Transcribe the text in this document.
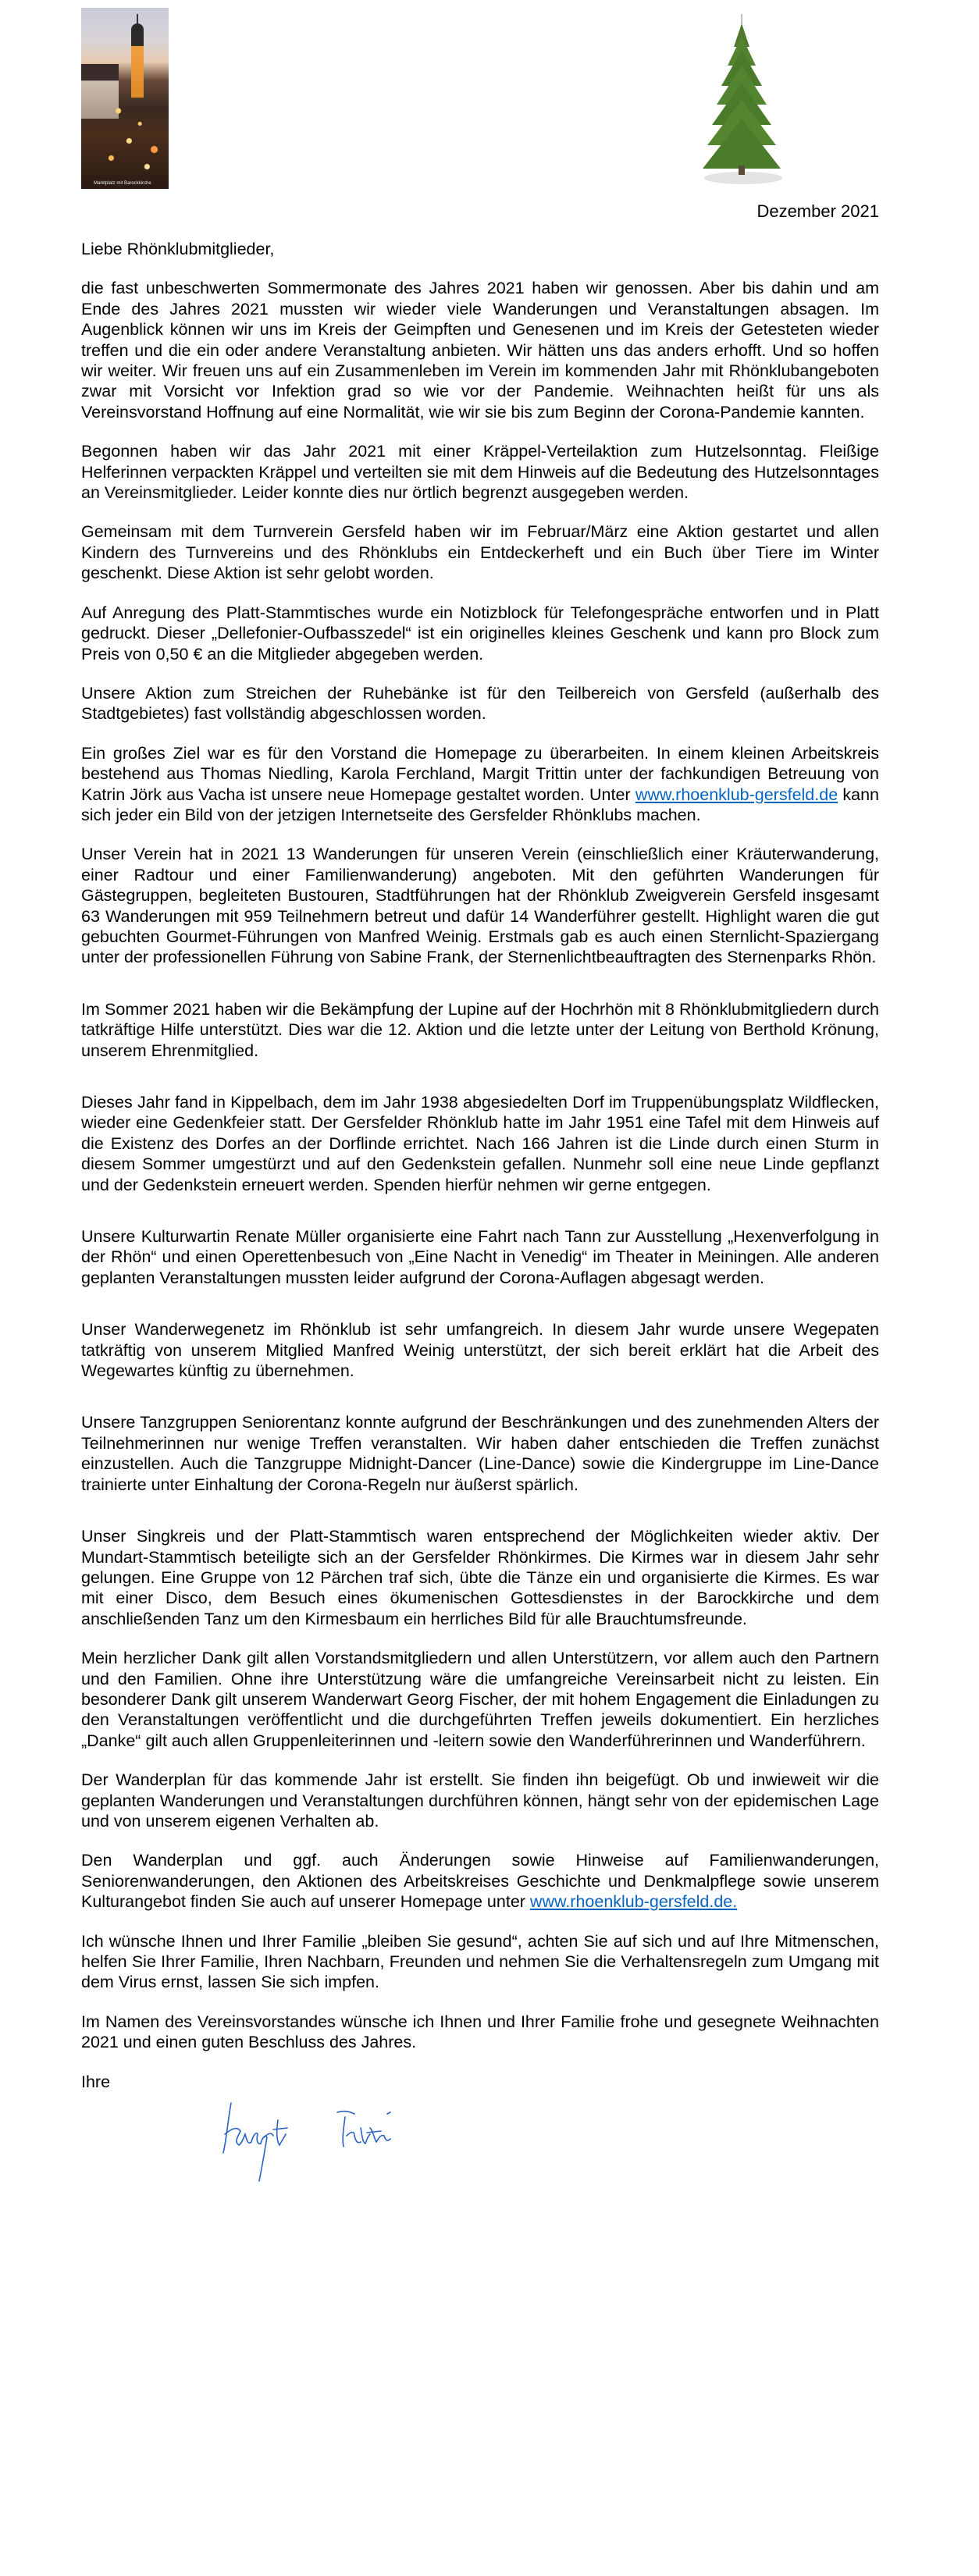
Marktplatz mit Barockkirche
Dezember 2021

Liebe Rhönklubmitglieder,

die fast unbeschwerten Sommermonate des Jahres 2021 haben wir genossen. Aber bis dahin und am Ende des Jahres 2021 mussten wir wieder viele Wanderungen und Veranstaltungen absagen. Im Augenblick können wir uns im Kreis der Geimpften und Genesenen und im Kreis der Getesteten wieder treffen und die ein oder andere Veranstaltung anbieten. Wir hätten uns das anders erhofft. Und so hoffen wir weiter. Wir freuen uns auf ein Zusammenleben im Verein im kommenden Jahr mit Rhönklubangeboten zwar mit Vorsicht vor Infektion grad so wie vor der Pandemie. Weihnachten heißt für uns als Vereinsvorstand Hoffnung auf eine Normalität, wie wir sie bis zum Beginn der Corona-Pandemie kannten.

Begonnen haben wir das Jahr 2021 mit einer Kräppel-Verteilaktion zum Hutzelsonntag. Fleißige Helferinnen verpackten Kräppel und verteilten sie mit dem Hinweis auf die Bedeutung des Hutzelsonntages an Vereinsmitglieder. Leider konnte dies nur örtlich begrenzt ausgegeben werden.

Gemeinsam mit dem Turnverein Gersfeld haben wir im Februar/März eine Aktion gestartet und allen Kindern des Turnvereins und des Rhönklubs ein Entdeckerheft und ein Buch über Tiere im Winter geschenkt. Diese Aktion ist sehr gelobt worden.

Auf Anregung des Platt-Stammtisches wurde ein Notizblock für Telefongespräche entworfen und in Platt gedruckt. Dieser „Dellefonier-Oufbasszedel“ ist ein originelles kleines Geschenk und kann pro Block zum Preis von 0,50 € an die Mitglieder abgegeben werden.

Unsere Aktion zum Streichen der Ruhebänke ist für den Teilbereich von Gersfeld (außerhalb des Stadtgebietes) fast vollständig abgeschlossen worden.

Ein großes Ziel war es für den Vorstand die Homepage zu überarbeiten. In einem kleinen Arbeitskreis bestehend aus Thomas Niedling, Karola Ferchland, Margit Trittin unter der fachkundigen Betreuung von Katrin Jörk aus Vacha ist unsere neue Homepage gestaltet worden. Unter www.rhoenklub-gersfeld.de kann sich jeder ein Bild von der jetzigen Internetseite des Gersfelder Rhönklubs machen.

Unser Verein hat in 2021 13 Wanderungen für unseren Verein (einschließlich einer Kräuterwanderung, einer Radtour und einer Familienwanderung) angeboten. Mit den geführten Wanderungen für Gästegruppen, begleiteten Bustouren, Stadtführungen hat der Rhönklub Zweigverein Gersfeld insgesamt 63 Wanderungen mit 959 Teilnehmern betreut und dafür 14 Wanderführer gestellt. Highlight waren die gut gebuchten Gourmet-Führungen von Manfred Weinig. Erstmals gab es auch einen Sternlicht-Spaziergang unter der professionellen Führung von Sabine Frank, der Sternenlichtbeauftragten des Sternenparks Rhön.

Im Sommer 2021 haben wir die Bekämpfung der Lupine auf der Hochrhön mit 8 Rhönklubmitgliedern durch tatkräftige Hilfe unterstützt. Dies war die 12. Aktion und die letzte unter der Leitung von Berthold Krönung, unserem Ehrenmitglied.

Dieses Jahr fand in Kippelbach, dem im Jahr 1938 abgesiedelten Dorf im Truppenübungsplatz Wildflecken, wieder eine Gedenkfeier statt. Der Gersfelder Rhönklub hatte im Jahr 1951 eine Tafel mit dem Hinweis auf die Existenz des Dorfes an der Dorflinde errichtet. Nach 166 Jahren ist die Linde durch einen Sturm in diesem Sommer umgestürzt und auf den Gedenkstein gefallen. Nunmehr soll eine neue Linde gepflanzt und der Gedenkstein erneuert werden. Spenden hierfür nehmen wir gerne entgegen.

Unsere Kulturwartin Renate Müller organisierte eine Fahrt nach Tann zur Ausstellung „Hexenverfolgung in der Rhön“ und einen Operettenbesuch von „Eine Nacht in Venedig“ im Theater in Meiningen. Alle anderen geplanten Veranstaltungen mussten leider aufgrund der Corona-Auflagen abgesagt werden.

Unser Wanderwegenetz im Rhönklub ist sehr umfangreich. In diesem Jahr wurde unsere Wegepaten tatkräftig von unserem Mitglied Manfred Weinig unterstützt, der sich bereit erklärt hat die Arbeit des Wegewartes künftig zu übernehmen.

Unsere Tanzgruppen Seniorentanz konnte aufgrund der Beschränkungen und des zunehmenden Alters der Teilnehmerinnen nur wenige Treffen veranstalten. Wir haben daher entschieden die Treffen zunächst einzustellen. Auch die Tanzgruppe Midnight-Dancer (Line-Dance) sowie die Kindergruppe im Line-Dance trainierte unter Einhaltung der Corona-Regeln nur äußerst spärlich.

Unser Singkreis und der Platt-Stammtisch waren entsprechend der Möglichkeiten wieder aktiv. Der Mundart-Stammtisch beteiligte sich an der Gersfelder Rhönkirmes. Die Kirmes war in diesem Jahr sehr gelungen. Eine Gruppe von 12 Pärchen traf sich, übte die Tänze ein und organisierte die Kirmes. Es war mit einer Disco, dem Besuch eines ökumenischen Gottesdienstes in der Barockkirche und dem anschließenden Tanz um den Kirmesbaum ein herrliches Bild für alle Brauchtumsfreunde.

Mein herzlicher Dank gilt allen Vorstandsmitgliedern und allen Unterstützern, vor allem auch den Partnern und den Familien. Ohne ihre Unterstützung wäre die umfangreiche Vereinsarbeit nicht zu leisten. Ein besonderer Dank gilt unserem Wanderwart Georg Fischer, der mit hohem Engagement die Einladungen zu den Veranstaltungen veröffentlicht und die durchgeführten Treffen jeweils dokumentiert. Ein herzliches „Danke“ gilt auch allen Gruppenleiterinnen und -leitern sowie den Wanderführerinnen und Wanderführern.

Der Wanderplan für das kommende Jahr ist erstellt. Sie finden ihn beigefügt. Ob und inwieweit wir die geplanten Wanderungen und Veranstaltungen durchführen können, hängt sehr von der epidemischen Lage und von unserem eigenen Verhalten ab.

Den Wanderplan und ggf. auch Änderungen sowie Hinweise auf Familienwanderungen, Seniorenwanderungen, den Aktionen des Arbeitskreises Geschichte und Denkmalpflege sowie unserem Kulturangebot finden Sie auch auf unserer Homepage unter www.rhoenklub-gersfeld.de.

Ich wünsche Ihnen und Ihrer Familie „bleiben Sie gesund“, achten Sie auf sich und auf Ihre Mitmenschen, helfen Sie Ihrer Familie, Ihren Nachbarn, Freunden und nehmen Sie die Verhaltensregeln zum Umgang mit dem Virus ernst, lassen Sie sich impfen.

Im Namen des Vereinsvorstandes wünsche ich Ihnen und Ihrer Familie frohe und gesegnete Weihnachten 2021 und einen guten Beschluss des Jahres.

Ihre
